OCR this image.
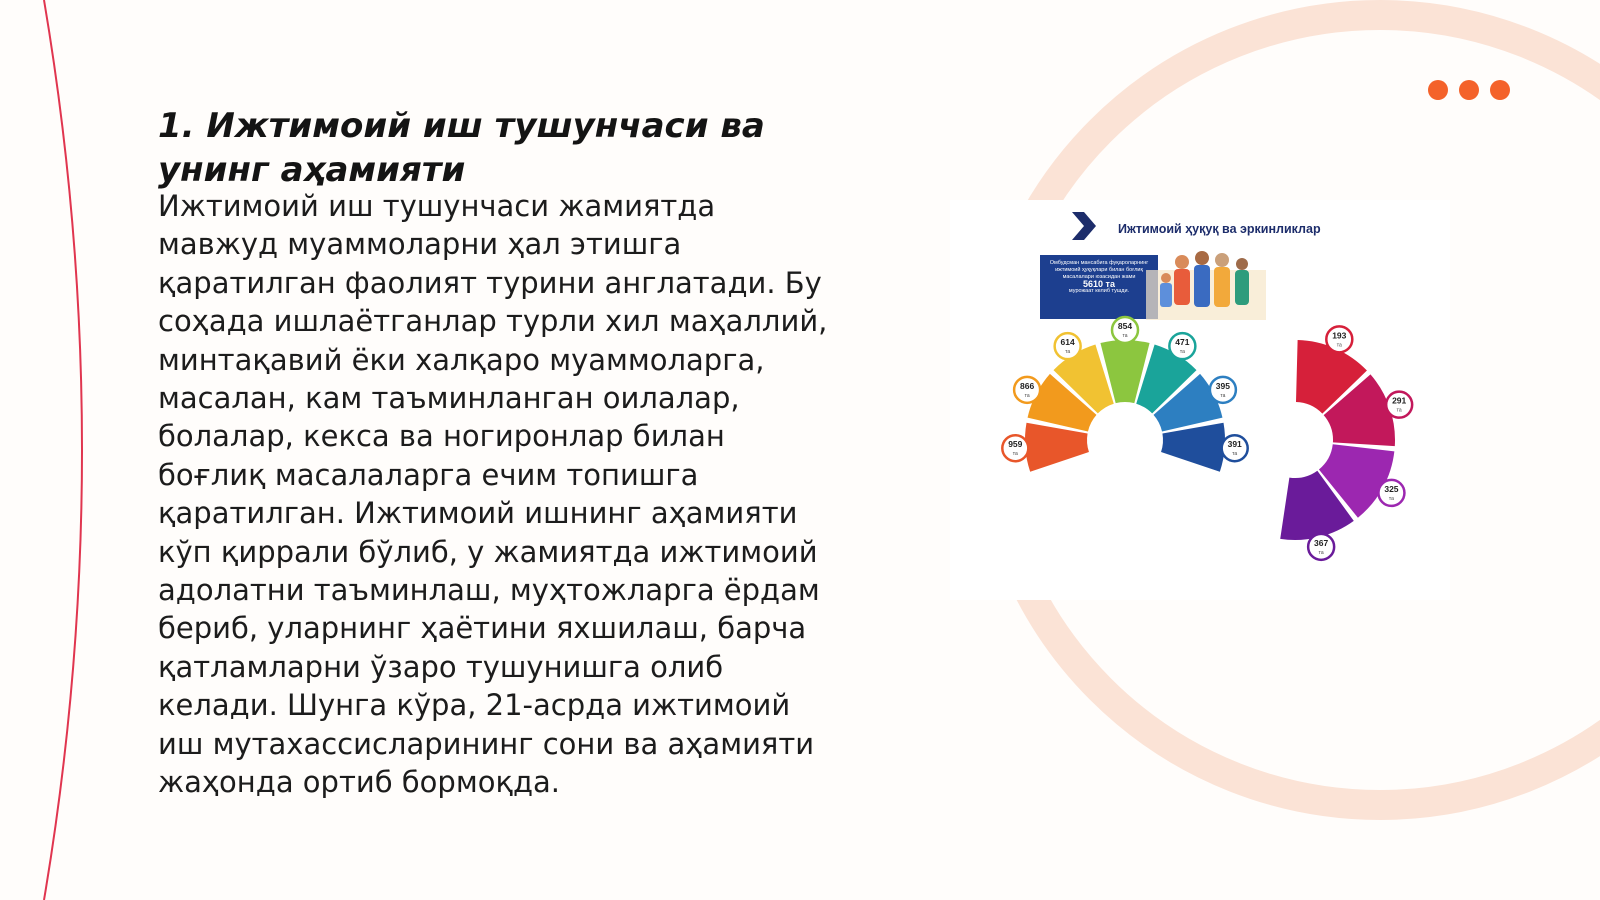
1. Ижтимоий иш тушунчаси ва унинг аҳамияти

Ижтимоий иш тушунчаси жамиятда мавжуд муаммоларни ҳал этишга қаратилган фаолият турини англатади. Бу соҳада ишлаётганлар турли хил маҳаллий, минтақавий ёки халқаро муаммоларга, масалан, кам таъминланган оилалар, болалар, кекса ва ногиронлар билан боғлиқ масалаларга ечим топишга қаратилган. Ижтимоий ишнинг аҳамияти кўп қиррали бўлиб, у жамиятда ижтимоий адолатни таъминлаш, муҳтожларга ёрдам бериб, уларнинг ҳаётини яхшилаш, барча қатламларни ўзаро тушунишга олиб келади. Шунга кўра, 21-асрда ижтимоий иш мутахассисларининг сони ва аҳамияти жаҳонда ортиб бормоқда.

959
та
866
та
614
та
854
та
471
та
395
та
391
та
193
та
291
та
325
та
367
та
Ижтимоий ҳуқуқ ва эркинликлар
Омбудсман мансабига фуқароларнинг ижтимоий ҳуқуқлари билан боғлиқ масалалари юзасидан жами
5610 та
мурожаат келиб тушди.
